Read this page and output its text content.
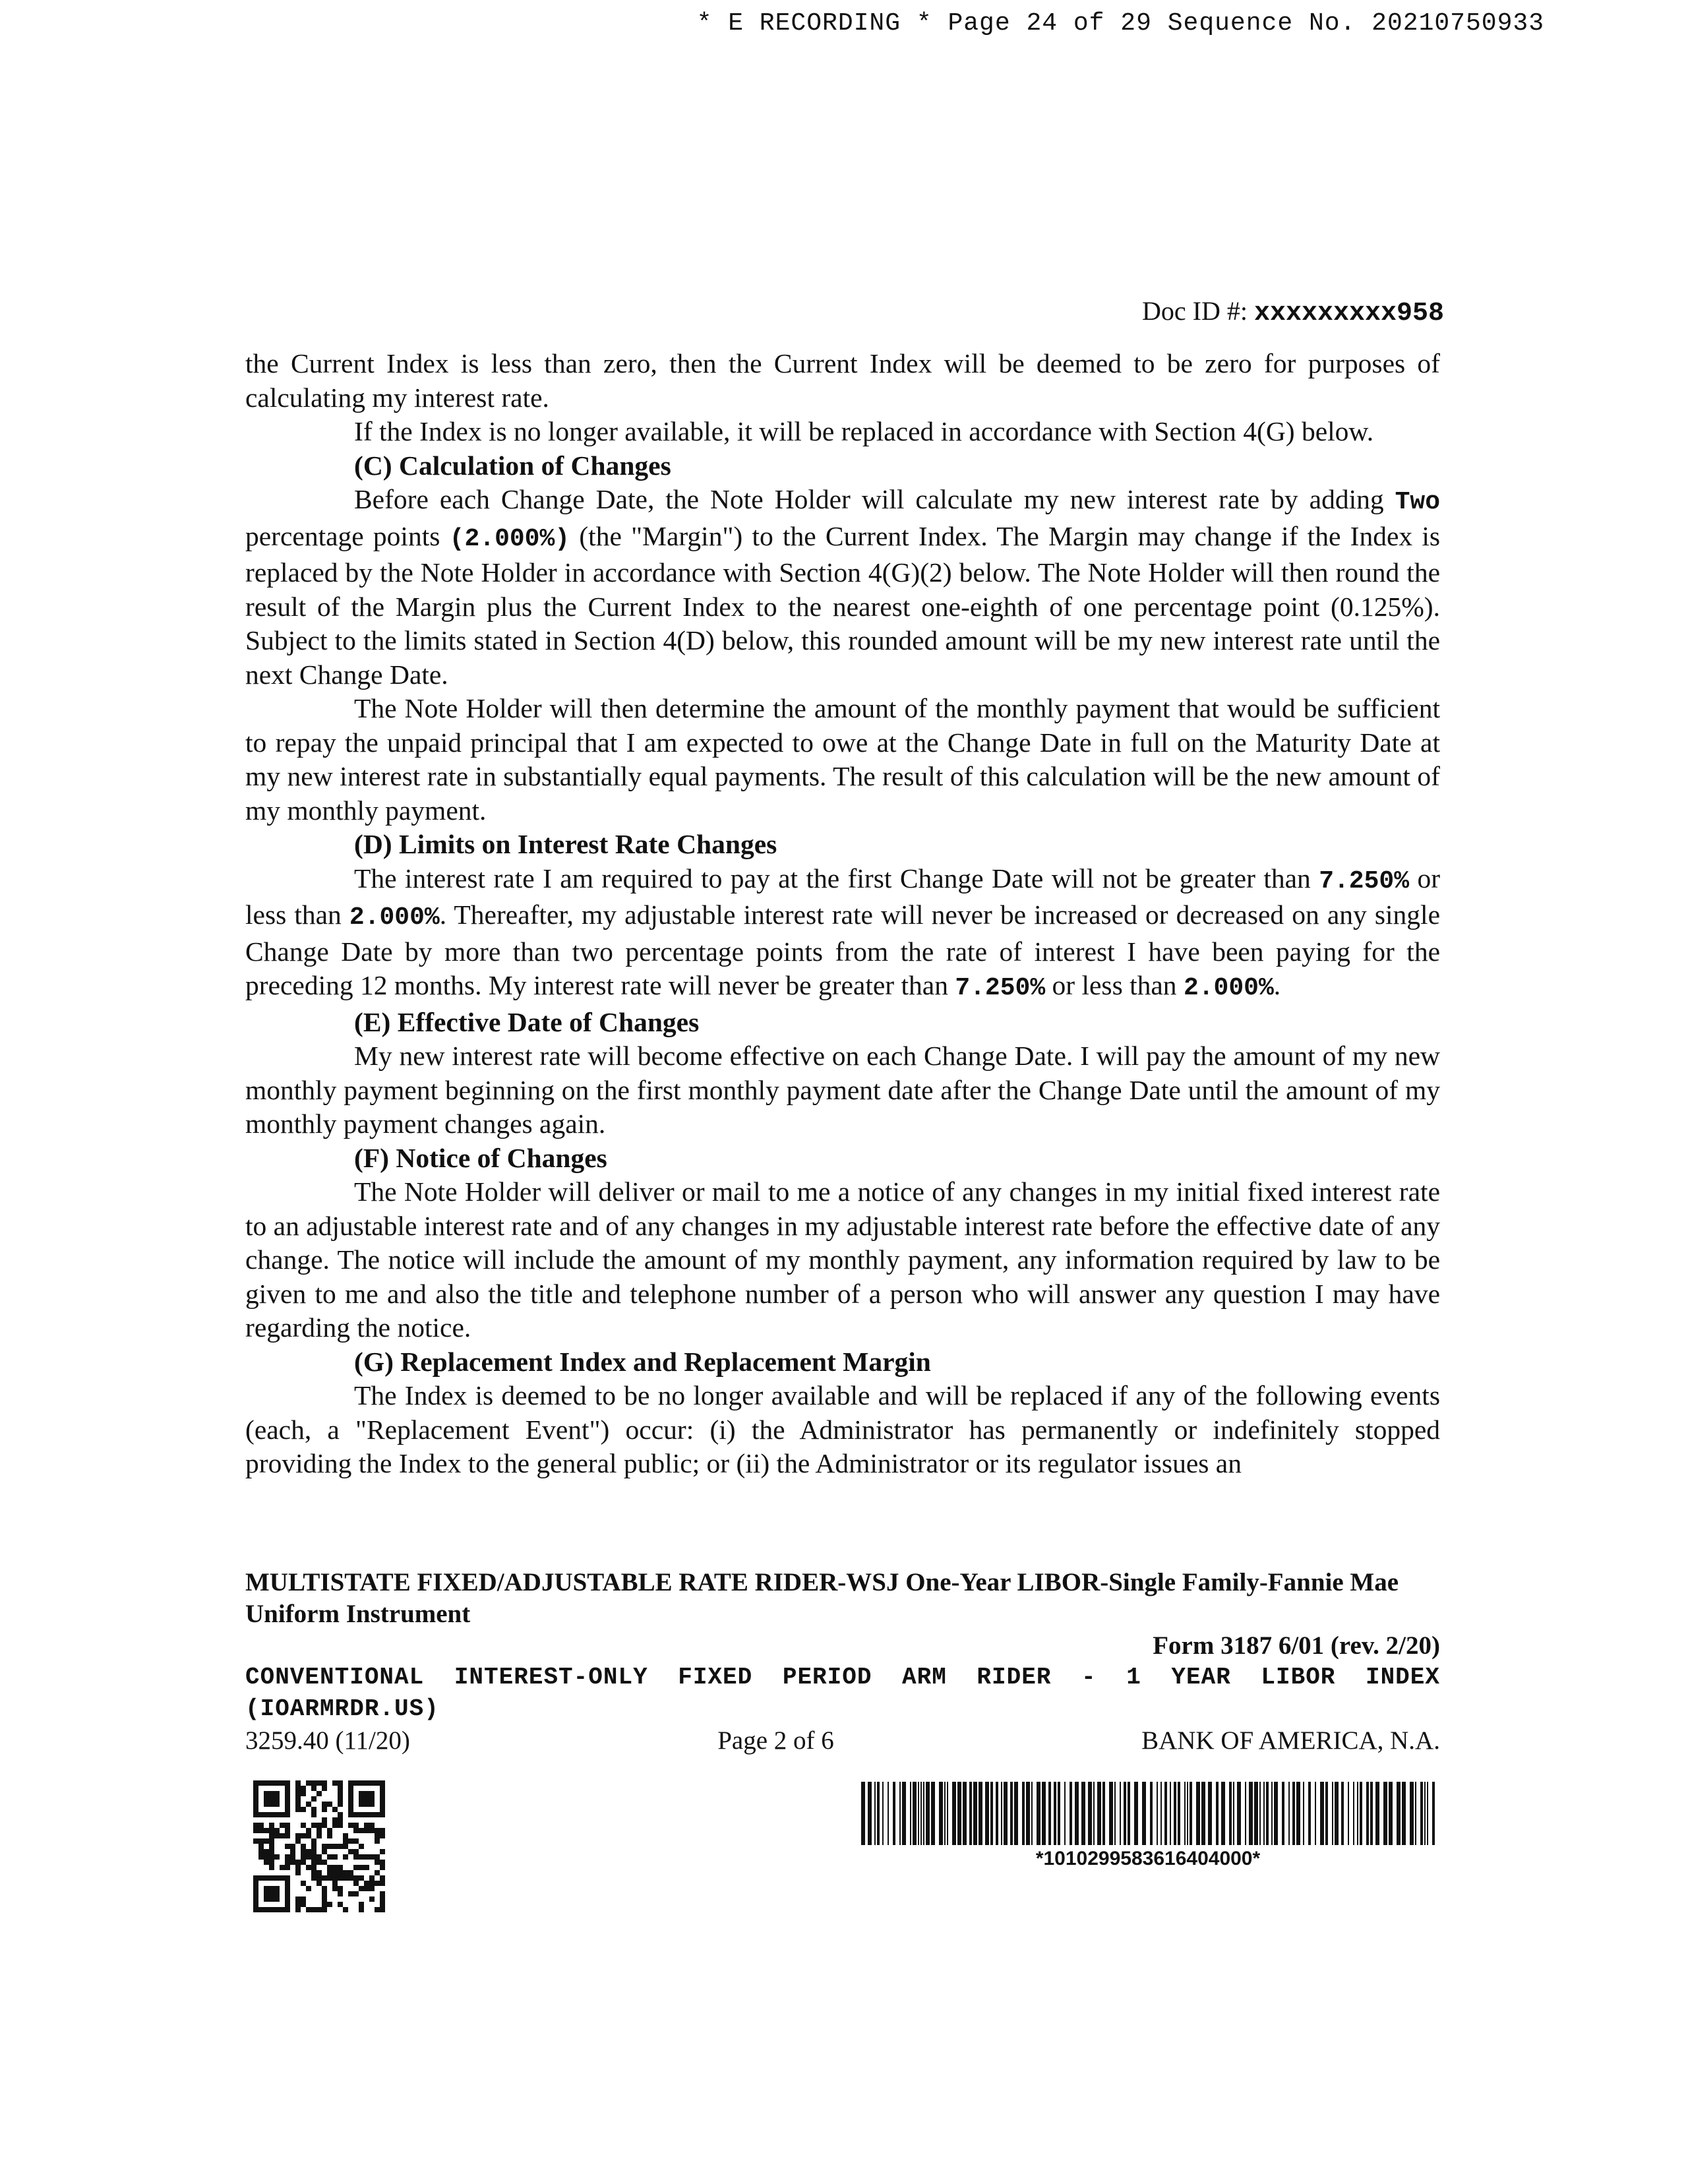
* E RECORDING * Page 24 of 29 Sequence No. 20210750933
Doc ID #: xxxxxxxxx958

the Current Index is less than zero, then the Current Index will be deemed to be zero for purposes of calculating my interest rate.

If the Index is no longer available, it will be replaced in accordance with Section 4(G) below.

(C) Calculation of Changes

Before each Change Date, the Note Holder will calculate my new interest rate by adding Two percentage points (2.000%) (the "Margin") to the Current Index. The Margin may change if the Index is replaced by the Note Holder in accordance with Section 4(G)(2) below. The Note Holder will then round the result of the Margin plus the Current Index to the nearest one-eighth of one percentage point (0.125%). Subject to the limits stated in Section 4(D) below, this rounded amount will be my new interest rate until the next Change Date.

The Note Holder will then determine the amount of the monthly payment that would be sufficient to repay the unpaid principal that I am expected to owe at the Change Date in full on the Maturity Date at my new interest rate in substantially equal payments. The result of this calculation will be the new amount of my monthly payment.

(D) Limits on Interest Rate Changes

The interest rate I am required to pay at the first Change Date will not be greater than 7.250% or less than 2.000%. Thereafter, my adjustable interest rate will never be increased or decreased on any single Change Date by more than two percentage points from the rate of interest I have been paying for the preceding 12 months. My interest rate will never be greater than 7.250% or less than 2.000%.

(E) Effective Date of Changes

My new interest rate will become effective on each Change Date. I will pay the amount of my new monthly payment beginning on the first monthly payment date after the Change Date until the amount of my monthly payment changes again.

(F) Notice of Changes

The Note Holder will deliver or mail to me a notice of any changes in my initial fixed interest rate to an adjustable interest rate and of any changes in my adjustable interest rate before the effective date of any change. The notice will include the amount of my monthly payment, any information required by law to be given to me and also the title and telephone number of a person who will answer any question I may have regarding the notice.

(G) Replacement Index and Replacement Margin

The Index is deemed to be no longer available and will be replaced if any of the following events (each, a "Replacement Event") occur: (i) the Administrator has permanently or indefinitely stopped providing the Index to the general public; or (ii) the Administrator or its regulator issues an

MULTISTATE FIXED/ADJUSTABLE RATE RIDER-WSJ One-Year LIBOR-Single Family-Fannie Mae Uniform Instrument
Form 3187 6/01 (rev. 2/20)
CONVENTIONAL INTEREST-ONLY FIXED PERIOD ARM RIDER - 1 YEAR LIBOR INDEX (IOARMRDR.US)
3259.40 (11/20)	Page 2 of 6	BANK OF AMERICA, N.A.
*1010299583616404000*
